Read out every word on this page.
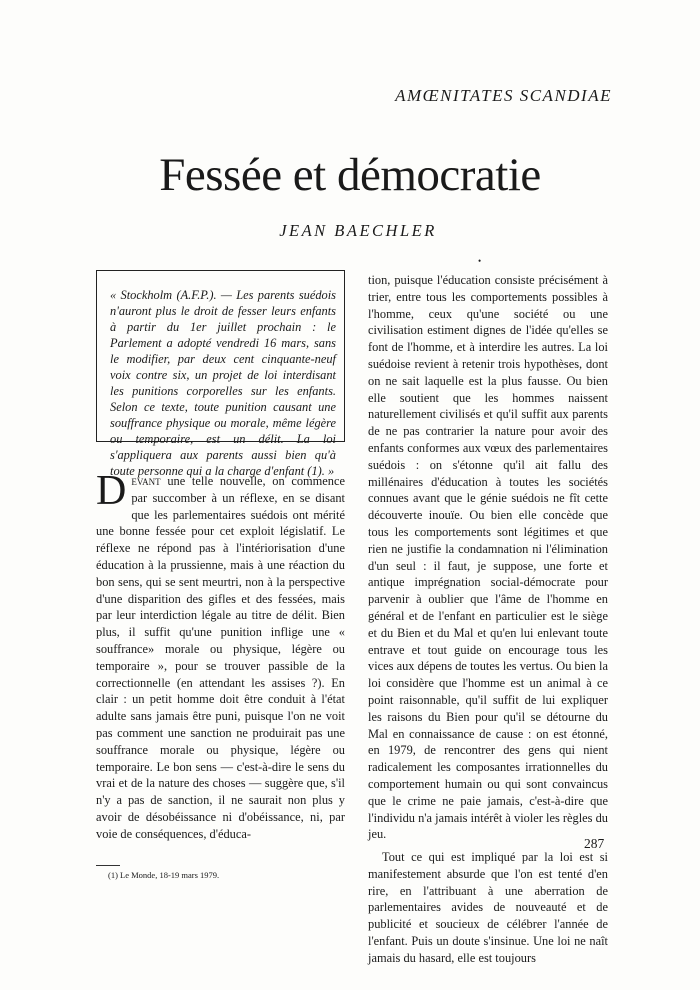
AMŒNITATES SCANDIAE
Fessée et démocratie
JEAN BAECHLER
•

« Stockholm (A.F.P.). — Les parents suédois n'auront plus le droit de fesser leurs enfants à partir du 1er juillet prochain : le Parlement a adopté vendredi 16 mars, sans le modifier, par deux cent cinquante-neuf voix contre six, un projet de loi interdisant les punitions corporelles sur les enfants. Selon ce texte, toute punition causant une souffrance physique ou morale, même légère ou temporaire, est un délit. La loi s'appliquera aux parents aussi bien qu'à toute personne qui a la charge d'enfant (1). »

Devant une telle nouvelle, on commence par succomber à un réflexe, en se disant que les parlementaires suédois ont mérité une bonne fessée pour cet exploit législatif. Le réflexe ne répond pas à l'intériorisation d'une éducation à la prussienne, mais à une réaction du bon sens, qui se sent meurtri, non à la perspective d'une disparition des gifles et des fessées, mais par leur interdiction légale au titre de délit. Bien plus, il suffit qu'une punition inflige une « souffrance» morale ou physique, légère ou temporaire », pour se trouver passible de la correctionnelle (en attendant les assises ?). En clair : un petit homme doit être conduit à l'état adulte sans jamais être puni, puisque l'on ne voit pas comment une sanction ne produirait pas une souffrance morale ou physique, légère ou temporaire. Le bon sens — c'est-à-dire le sens du vrai et de la nature des choses — suggère que, s'il n'y a pas de sanction, il ne saurait non plus y avoir de désobéissance ni d'obéissance, ni, par voie de conséquences, d'éduca-
(1) Le Monde, 18-19 mars 1979.

tion, puisque l'éducation consiste précisément à trier, entre tous les comportements possibles à l'homme, ceux qu'une société ou une civilisation estiment dignes de l'idée qu'elles se font de l'homme, et à interdire les autres. La loi suédoise revient à retenir trois hypothèses, dont on ne sait laquelle est la plus fausse. Ou bien elle soutient que les hommes naissent naturellement civilisés et qu'il suffit aux parents de ne pas contrarier la nature pour avoir des enfants conformes aux vœux des parlementaires suédois : on s'étonne qu'il ait fallu des millénaires d'éducation à toutes les sociétés connues avant que le génie suédois ne fît cette découverte inouïe. Ou bien elle concède que tous les comportements sont légitimes et que rien ne justifie la condamnation ni l'élimination d'un seul : il faut, je suppose, une forte et antique imprégnation social-démocrate pour parvenir à oublier que l'âme de l'homme en général et de l'enfant en particulier est le siège et du Bien et du Mal et qu'en lui enlevant toute entrave et tout guide on encourage tous les vices aux dépens de toutes les vertus. Ou bien la loi considère que l'homme est un animal à ce point raisonnable, qu'il suffit de lui expliquer les raisons du Bien pour qu'il se détourne du Mal en connaissance de cause : on est étonné, en 1979, de rencontrer des gens qui nient radicalement les composantes irrationnelles du comportement humain ou qui sont convaincus que le crime ne paie jamais, c'est-à-dire que l'individu n'a jamais intérêt à violer les règles du jeu.

Tout ce qui est impliqué par la loi est si manifestement absurde que l'on est tenté d'en rire, en l'attribuant à une aberration de parlementaires avides de nouveauté et de publicité et soucieux de célébrer l'année de l'enfant. Puis un doute s'insinue. Une loi ne naît jamais du hasard, elle est toujours

287
